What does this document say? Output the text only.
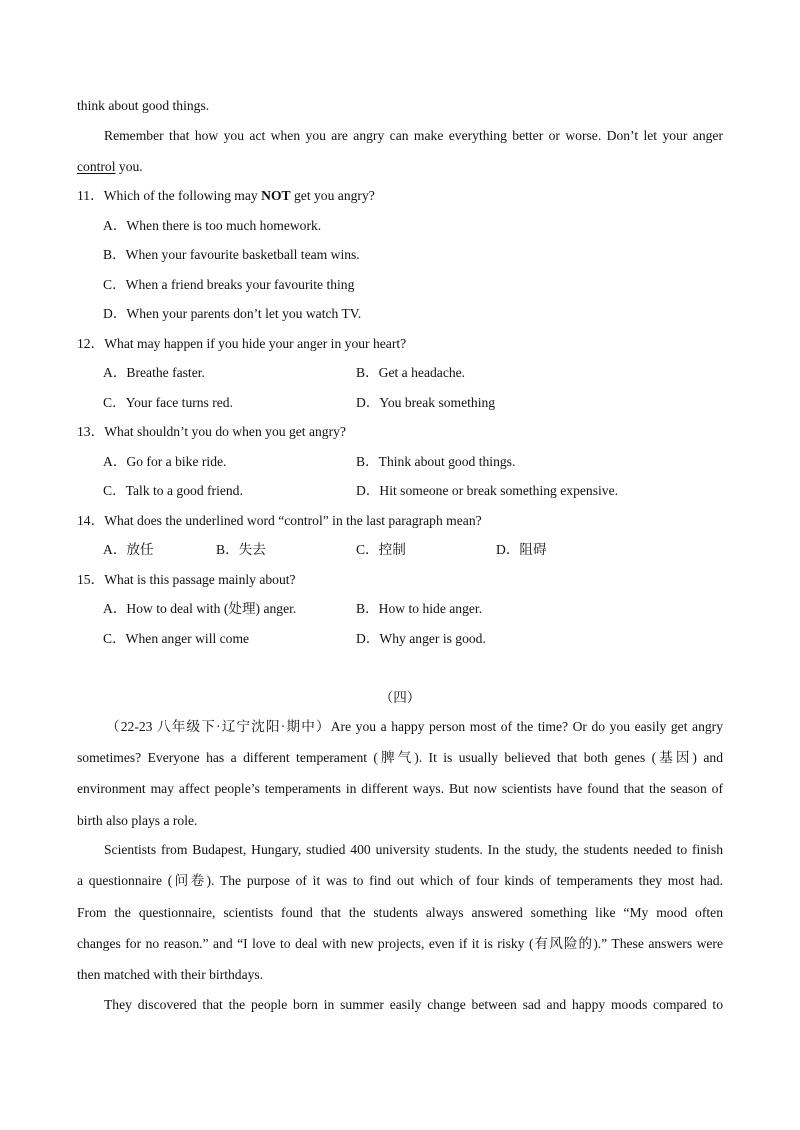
think about good things.
Remember that how you act when you are angry can make everything better or worse. Don’t let your anger
control you.
11．Which of the following may NOT get you angry?
A．When there is too much homework.
B．When your favourite basketball team wins.
C．When a friend breaks your favourite thing
D．When your parents don’t let you watch TV.
12．What may happen if you hide your anger in your heart?
A．Breathe faster.	B．Get a headache.
C．Your face turns red.	D．You break something
13．What shouldn’t you do when you get angry?
A．Go for a bike ride.	B．Think about good things.
C．Talk to a good friend.	D．Hit someone or break something expensive.
14．What does the underlined word “control” in the last paragraph mean?
A．放任	B．失去	C．控制	D．阻碍
15．What is this passage mainly about?
A．How to deal with (处理) anger.	B．How to hide anger.
C．When anger will come	D．Why anger is good.
（四）
（22-23 八年级下·辽宁沈阳·期中）Are you a happy person most of the time? Or do you easily get angry
sometimes? Everyone has a different temperament (脾气). It is usually believed that both genes (基因) and
environment may affect people’s temperaments in different ways. But now scientists have found that the season of
birth also plays a role.
Scientists from Budapest, Hungary, studied 400 university students. In the study, the students needed to finish
a questionnaire (问卷). The purpose of it was to find out which of four kinds of temperaments they most had.
From the questionnaire, scientists found that the students always answered something like “My mood often
changes for no reason.” and “I love to deal with new projects, even if it is risky (有风险的).” These answers were
then matched with their birthdays.
They discovered that the people born in summer easily change between sad and happy moods compared to
